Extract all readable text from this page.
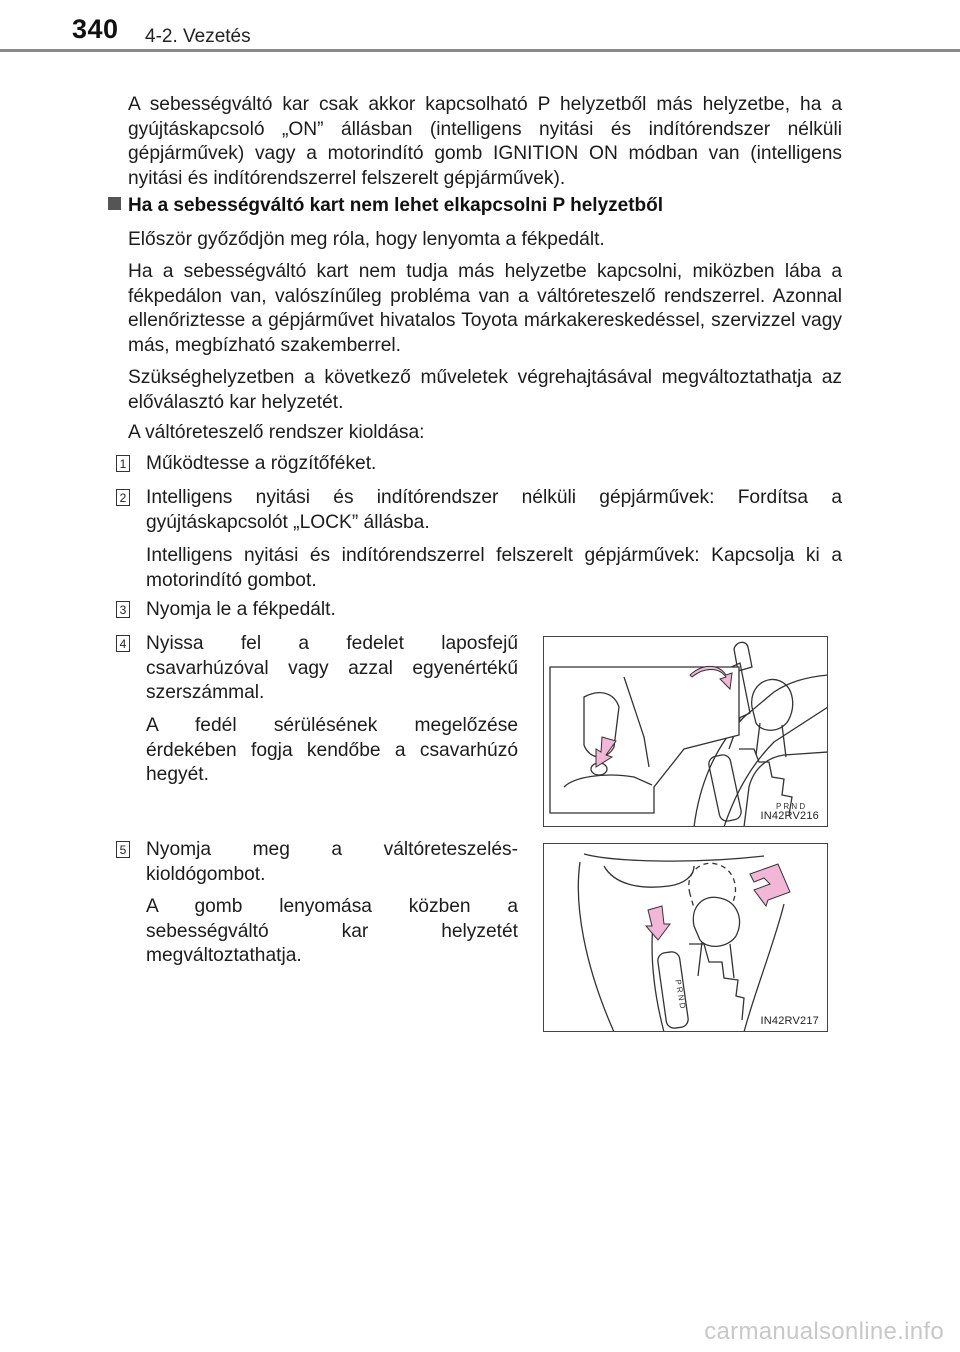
340 4-2. Vezetés
A sebességváltó kar csak akkor kapcsolható P helyzetből más helyzetbe, ha a gyújtáskapcsoló „ON” állásban (intelligens nyitási és indítórendszer nélküli gépjárművek) vagy a motorindító gomb IGNITION ON módban van (intelligens nyitási és indítórendszerrel felszerelt gépjárművek).
Ha a sebességváltó kart nem lehet elkapcsolni P helyzetből
Először győződjön meg róla, hogy lenyomta a fékpedált.
Ha a sebességváltó kart nem tudja más helyzetbe kapcsolni, miközben lába a fékpedálon van, valószínűleg probléma van a váltóreteszelő rendszerrel. Azonnal ellenőriztesse a gépjárművet hivatalos Toyota márkakereskedéssel, szervizzel vagy más, megbízható szakemberrel.
Szükséghelyzetben a következő műveletek végrehajtásával megváltoztathatja az előválasztó kar helyzetét.
A váltóreteszelő rendszer kioldása:
1 Működtesse a rögzítőféket.
2 Intelligens nyitási és indítórendszer nélküli gépjárművek: Fordítsa a gyújtáskapcsolót „LOCK” állásba.
Intelligens nyitási és indítórendszerrel felszerelt gépjárművek: Kapcsolja ki a motorindító gombot.
3 Nyomja le a fékpedált.
4 Nyissa fel a fedelet laposfejű csavarhúzóval vagy azzal egyenértékű szerszámmal.
A fedél sérülésének megelőzése érdekében fogja kendőbe a csavarhúzó hegyét.
5 Nyomja meg a váltóreteszelés-kioldógombot.
A gomb lenyomása közben a sebességváltó kar helyzetét megváltoztathatja.
P R N D
IN42RV216
P R N D
IN42RV217
carmanualsonline.info
